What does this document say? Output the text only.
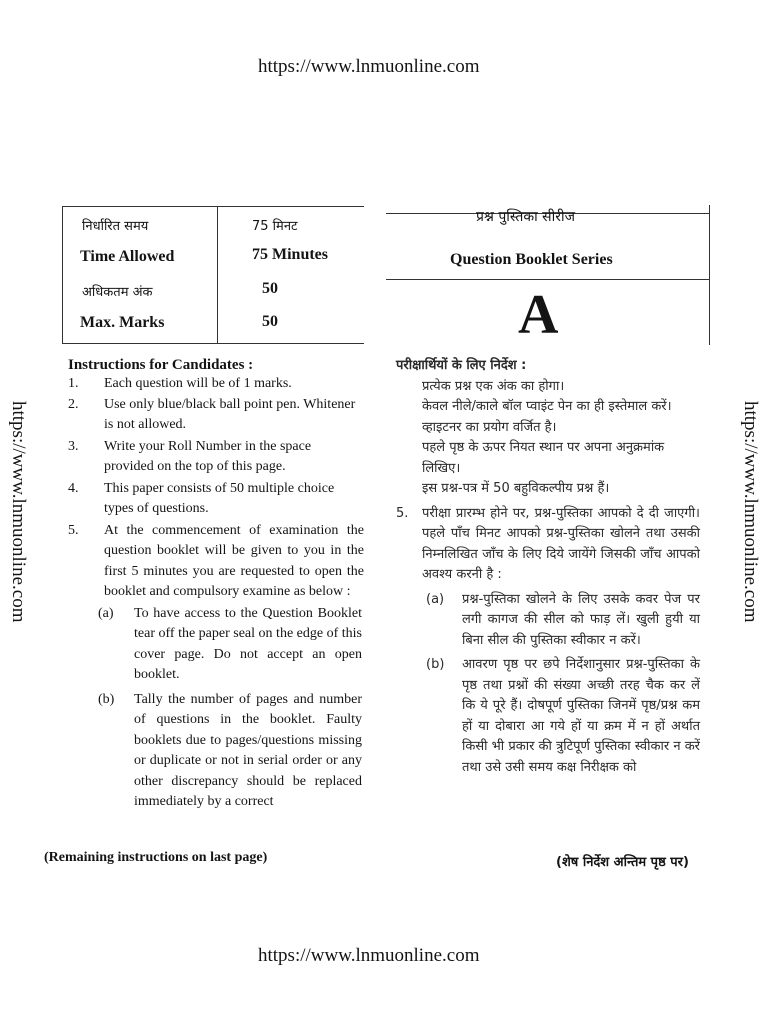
https://www.lnmuonline.com
https://www.lnmuonline.com
https://www.lnmuonline.com	https://www.lnmuonline.com
निर्धारित समय	75 मिनट
Time Allowed	75 Minutes
अधिकतम अंक	50
Max. Marks	50
प्रश्न पुस्तिका सीरीज
Question Booklet Series
A
Instructions for Candidates :
1.	Each question will be of 1 marks.
2.	Use only blue/black ball point pen. Whitener is not allowed.
3.	Write your Roll Number in the space provided on the top of this page.
4.	This paper consists of 50 multiple choice types of questions.
5.	At the commencement of examination the question booklet will be given to you in the first 5 minutes you are requested to open the booklet and compulsory examine as below :
(a)	To have access to the Question Booklet tear off the paper seal on the edge of this cover page. Do not accept an open booklet.
(b)	Tally the number of pages and number of questions in the booklet. Faulty booklets due to pages/questions missing or duplicate or not in serial order or any other discrepancy should be replaced immediately by a correct
(Remaining instructions on last page)
परीक्षार्थियों के लिए निर्देश :
प्रत्येक प्रश्न एक अंक का होगा।
केवल नीले/काले बॉल प्वाइंट पेन का ही इस्तेमाल करें। व्हाइटनर का प्रयोग वर्जित है।
पहले पृष्ठ के ऊपर नियत स्थान पर अपना अनुक्रमांक लिखिए।
इस प्रश्न-पत्र में 50 बहुविकल्पीय प्रश्न हैं।
5.	परीक्षा प्रारम्भ होने पर, प्रश्न-पुस्तिका आपको दे दी जाएगी। पहले पाँच मिनट आपको प्रश्न-पुस्तिका खोलने तथा उसकी निम्नलिखित जाँच के लिए दिये जायेंगे जिसकी जाँच आपको अवश्य करनी है :
(a)	प्रश्न-पुस्तिका खोलने के लिए उसके कवर पेज पर लगी कागज की सील को फाड़ लें। खुली हुयी या बिना सील की पुस्तिका स्वीकार न करें।
(b)	आवरण पृष्ठ पर छपे निर्देशानुसार प्रश्न-पुस्तिका के पृष्ठ तथा प्रश्नों की संख्या अच्छी तरह चैक कर लें कि ये पूरे हैं। दोषपूर्ण पुस्तिका जिनमें पृष्ठ/प्रश्न कम हों या दोबारा आ गये हों या क्रम में न हों अर्थात किसी भी प्रकार की त्रुटिपूर्ण पुस्तिका स्वीकार न करें तथा उसे उसी समय कक्ष निरीक्षक को
(शेष निर्देश अन्तिम पृष्ठ पर)
